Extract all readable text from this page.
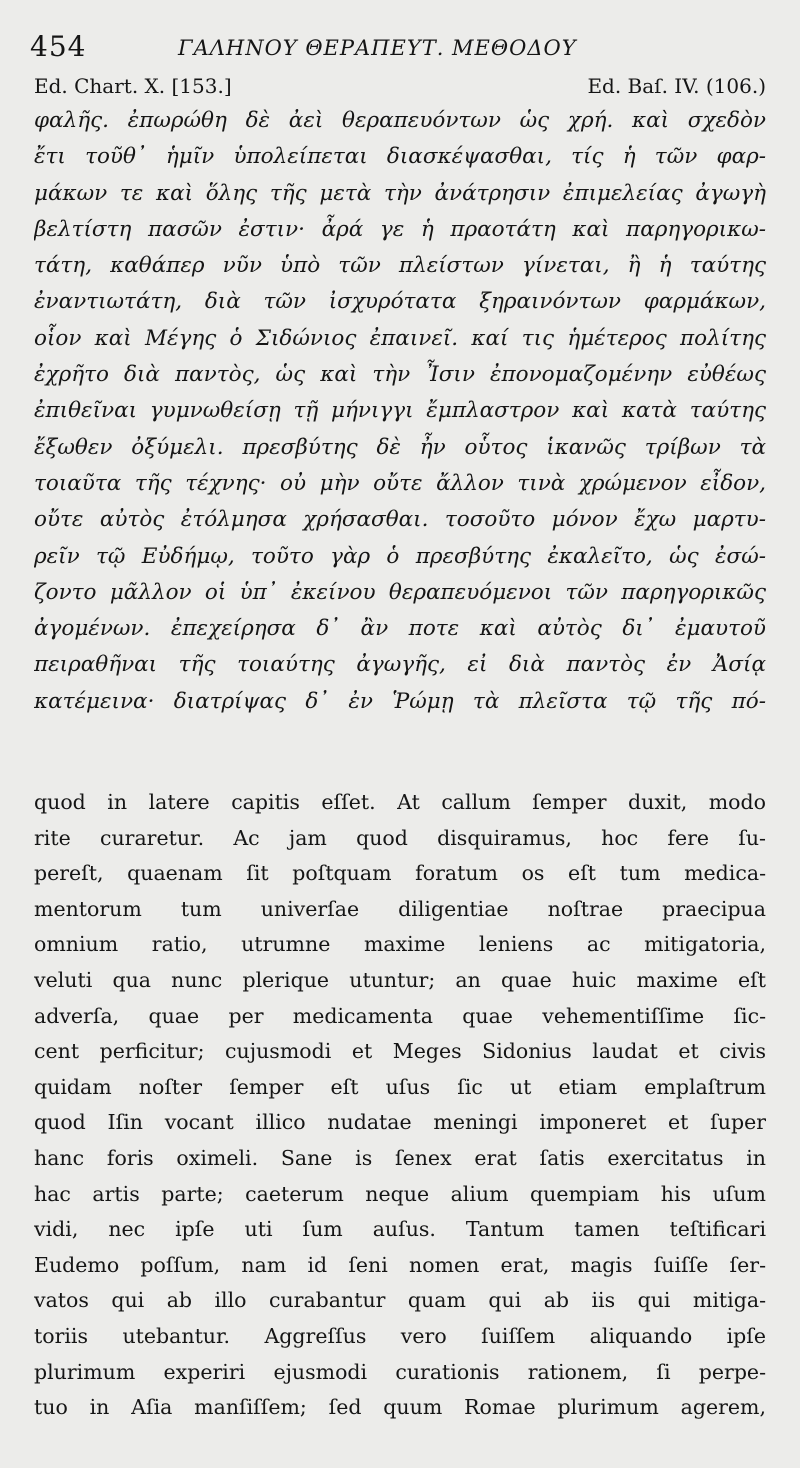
454	ΓΑΛΗΝΟΥ ΘΕΡΑΠΕΥΤ. ΜΕΘΟΔΟΥ
Ed. Chart. X. [153.]	Ed. Baſ. IV. (106.)
φαλῆς. ἐπωρώθη δὲ ἀεὶ θεραπευόντων ὡς χρή. καὶ σχεδὸν
ἔτι τοῦθ᾽ ἡμῖν ὑπολείπεται διασκέψασθαι, τίς ἡ τῶν φαρ-
μάκων τε καὶ ὅλης τῆς μετὰ τὴν ἀνάτρησιν ἐπιμελείας ἀγωγὴ
βελτίστη πασῶν ἐστιν· ἆρά γε ἡ πραοτάτη καὶ παρηγορικω-
τάτη, καθάπερ νῦν ὑπὸ τῶν πλείστων γίνεται, ἢ ἡ ταύτης
ἐναντιωτάτη, διὰ τῶν ἰσχυρότατα ξηραινόντων φαρμάκων,
οἷον καὶ Μέγης ὁ Σιδώνιος ἐπαινεῖ. καί τις ἡμέτερος πολίτης
ἐχρῆτο διὰ παντὸς, ὡς καὶ τὴν Ἶσιν ἐπονομαζομένην εὐθέως
ἐπιθεῖναι γυμνωθείσῃ τῇ μήνιγγι ἔμπλαστρον καὶ κατὰ ταύτης
ἔξωθεν ὀξύμελι. πρεσβύτης δὲ ἦν οὗτος ἱκανῶς τρίβων τὰ
τοιαῦτα τῆς τέχνης· οὐ μὴν οὔτε ἄλλον τινὰ χρώμενον εἶδον,
οὔτε αὐτὸς ἐτόλμησα χρήσασθαι. τοσοῦτο μόνον ἔχω μαρτυ-
ρεῖν τῷ Εὐδήμῳ, τοῦτο γὰρ ὁ πρεσβύτης ἐκαλεῖτο, ὡς ἐσώ-
ζοντο μᾶλλον οἱ ὑπ᾽ ἐκείνου θεραπευόμενοι τῶν παρηγορικῶς
ἀγομένων. ἐπεχείρησα δ᾽ ἂν ποτε καὶ αὐτὸς δι᾽ ἐμαυτοῦ
πειραθῆναι τῆς τοιαύτης ἀγωγῆς, εἰ διὰ παντὸς ἐν Ἀσίᾳ
κατέμεινα· διατρίψας δ᾽ ἐν Ῥώμῃ τὰ πλεῖστα τῷ τῆς πό-
quod in latere capitis eſſet. At callum ſemper duxit, modo
rite curaretur. Ac jam quod disquiramus, hoc fere ſu-
pereſt, quaenam ſit poſtquam foratum os eſt tum medica-
mentorum tum univerſae diligentiae noſtrae praecipua
omnium ratio, utrumne maxime leniens ac mitigatoria,
veluti qua nunc plerique utuntur; an quae huic maxime eſt
adverſa, quae per medicamenta quae vehementiſſime ſic-
cent perficitur; cujusmodi et Meges Sidonius laudat et civis
quidam noſter ſemper eſt uſus ſic ut etiam emplaſtrum
quod Iſin vocant illico nudatae meningi imponeret et ſuper
hanc foris oximeli. Sane is ſenex erat ſatis exercitatus in
hac artis parte; caeterum neque alium quempiam his uſum
vidi, nec ipſe uti ſum auſus. Tantum tamen teſtificari
Eudemo poſſum, nam id ſeni nomen erat, magis ſuiſſe ſer-
vatos qui ab illo curabantur quam qui ab iis qui mitiga-
toriis utebantur. Aggreſſus vero ſuiſſem aliquando ipſe
plurimum experiri ejusmodi curationis rationem, ſi perpe-
tuo in Aſia manſiſſem; ſed quum Romae plurimum agerem,
